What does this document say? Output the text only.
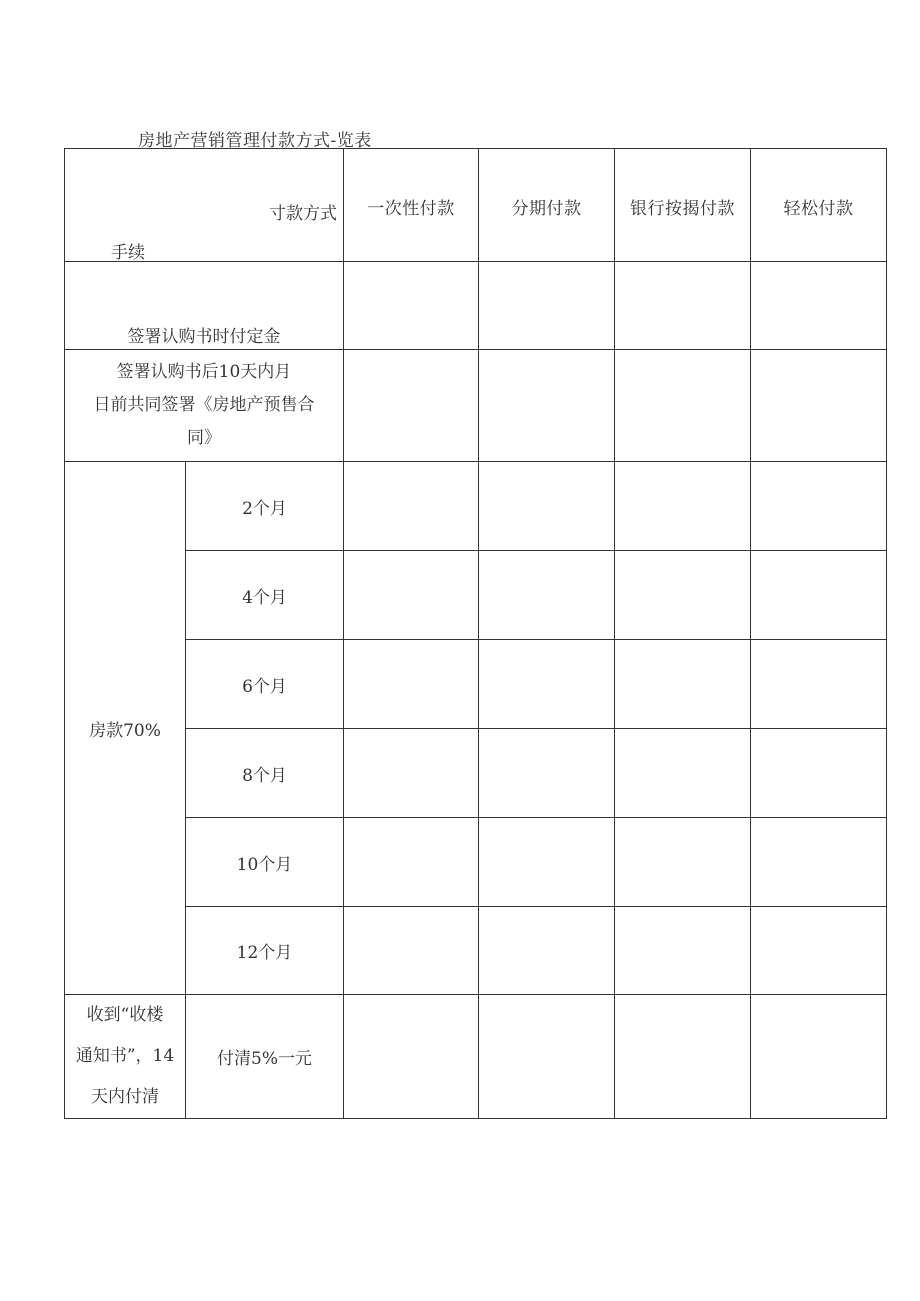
房地产营销管理付款方式-览表
寸款方式
手续		一次性付款	分期付款	银行按揭付款	轻松付款
签署认购书时付定金					

签署认购书后10天内月
日前共同签署《房地产预售合
同》					

房款70%	2个月				
	4个月				
	6个月				
	8个月				
	10个月				
	12个月				

收到“收楼
通知书”，14
天内付清	付清5%一元				
